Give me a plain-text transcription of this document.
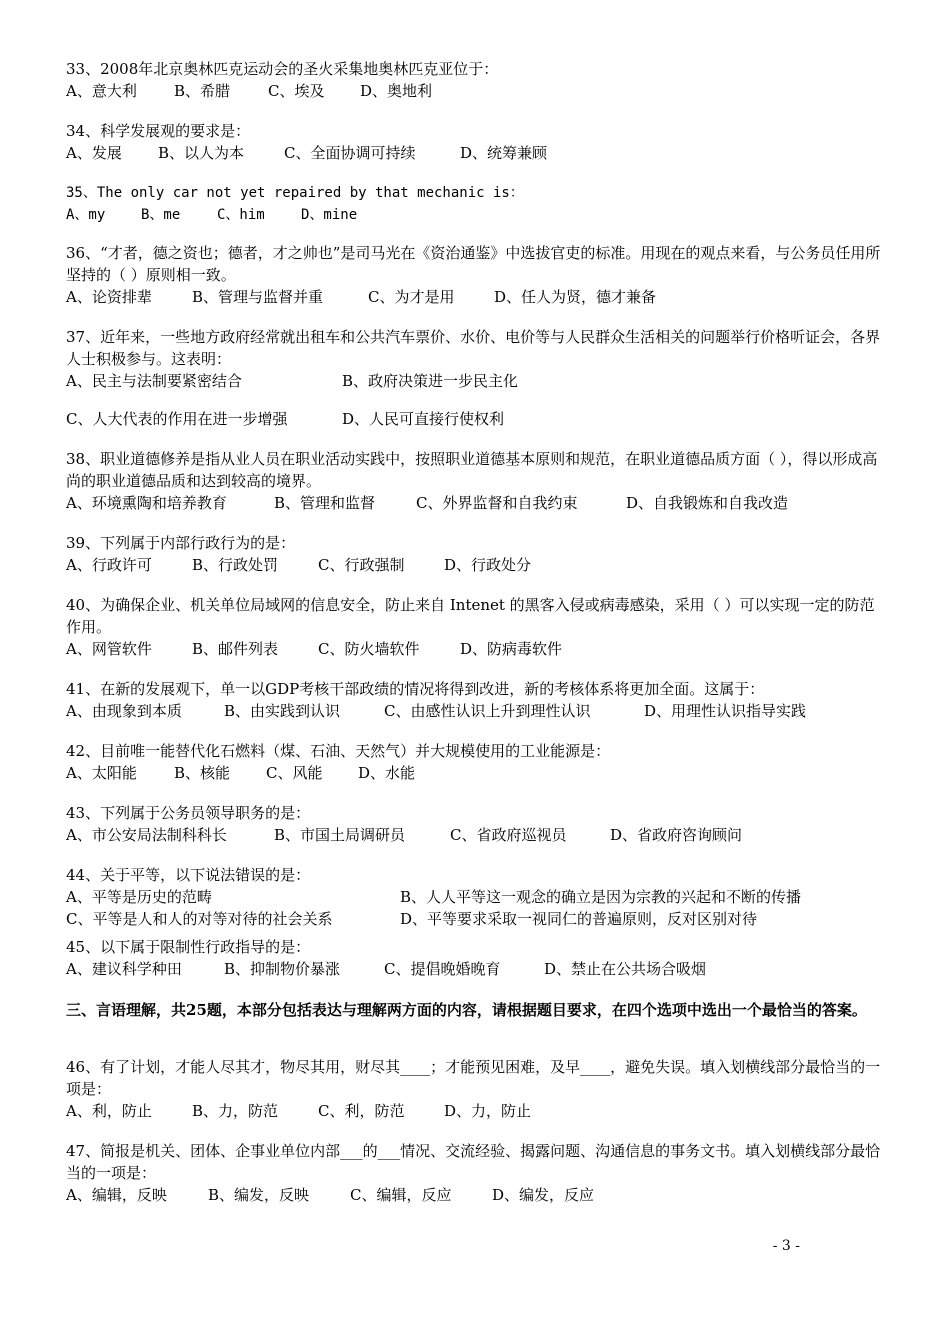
33、2008年北京奥林匹克运动会的圣火采集地奥林匹克亚位于：

A、意大利 B、希腊	C、埃及 D、奥地利

34、科学发展观的要求是：

A、发展 B、以人为本	C、全面协调可持续	D、统筹兼顾

35、The only car not yet repaired by that mechanic is：

A、my	B、me	C、him	D、mine

36、“才者，德之资也；德者，才之帅也”是司马光在《资治通鉴》中选拔官吏的标准。用现在的观点来看，与公务员任用所坚持的（ ）原则相一致。

A、论资排辈	B、管理与监督并重	C、为才是用	D、任人为贤，德才兼备

37、近年来，一些地方政府经常就出租车和公共汽车票价、水价、电价等与人民群众生活相关的问题举行价格听证会，各界人士积极参与。这表明：

A、民主与法制要紧密结合	B、政府决策进一步民主化

C、人大代表的作用在进一步增强	D、人民可直接行使权利

38、职业道德修养是指从业人员在职业活动实践中，按照职业道德基本原则和规范，在职业道德品质方面（ ），得以形成高尚的职业道德品质和达到较高的境界。

A、环境熏陶和培养教育	B、管理和监督	C、外界监督和自我约束	D、自我锻炼和自我改造

39、下列属于内部行政行为的是：

A、行政许可	B、行政处罚	C、行政强制	D、行政处分

40、为确保企业、机关单位局域网的信息安全，防止来自 Intenet 的黑客入侵或病毒感染，采用（ ）可以实现一定的防范作用。

A、网管软件	B、邮件列表	C、防火墙软件	D、防病毒软件

41、在新的发展观下，单一以GDP考核干部政绩的情况将得到改进，新的考核体系将更加全面。这属于：

A、由现象到本质	B、由实践到认识	C、由感性认识上升到理性认识	D、用理性认识指导实践

42、目前唯一能替代化石燃料（煤、石油、天然气）并大规模使用的工业能源是：

A、太阳能 B、核能 C、风能 D、水能

43、下列属于公务员领导职务的是：

A、市公安局法制科科长	B、市国土局调研员	C、省政府巡视员	D、省政府咨询顾问

44、关于平等，以下说法错误的是：

A、平等是历史的范畴	B、人人平等这一观念的确立是因为宗教的兴起和不断的传播

C、平等是人和人的对等对待的社会关系	D、平等要求采取一视同仁的普遍原则，反对区别对待

45、以下属于限制性行政指导的是：

A、建议科学种田	B、抑制物价暴涨	C、提倡晚婚晚育	D、禁止在公共场合吸烟

三、言语理解，共25题，本部分包括表达与理解两方面的内容，请根据题目要求，在四个选项中选出一个最恰当的答案。

46、有了计划，才能人尽其才，物尽其用，财尽其____；才能预见困难，及早____，避免失误。填入划横线部分最恰当的一项是：

A、利，防止	B、力，防范	C、利，防范	D、力，防止

47、简报是机关、团体、企事业单位内部___的___情况、交流经验、揭露问题、沟通信息的事务文书。填入划横线部分最恰当的一项是：

A、编辑，反映	B、编发，反映	C、编辑，反应	D、编发，反应

- 3 -
